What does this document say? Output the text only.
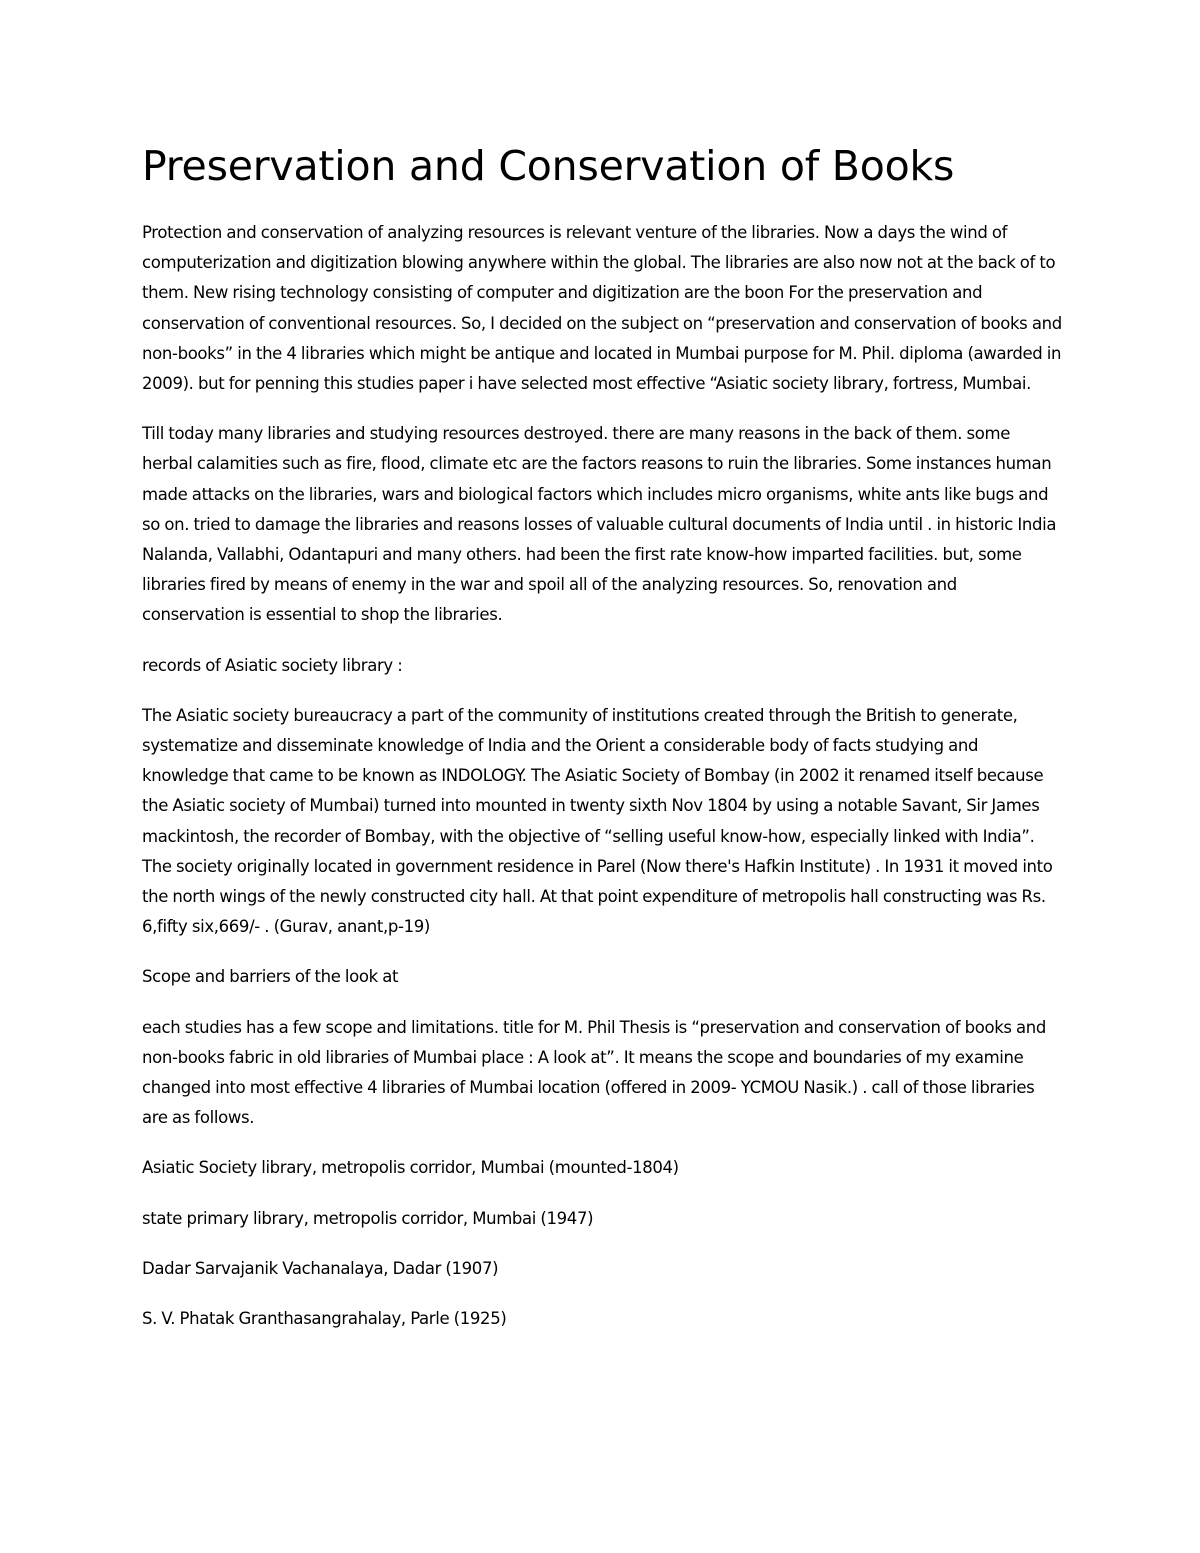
Preservation and Conservation of Books

Protection and conservation of analyzing resources is relevant venture of the libraries. Now a days the wind of computerization and digitization blowing anywhere within the global. The libraries are also now not at the back of to them. New rising technology consisting of computer and digitization are the boon For the preservation and conservation of conventional resources. So, I decided on the subject on “preservation and conservation of books and non-books” in the 4 libraries which might be antique and located in Mumbai purpose for M. Phil. diploma (awarded in 2009). but for penning this studies paper i have selected most effective “Asiatic society library, fortress, Mumbai.

Till today many libraries and studying resources destroyed. there are many reasons in the back of them. some herbal calamities such as fire, flood, climate etc are the factors reasons to ruin the libraries. Some instances human made attacks on the libraries, wars and biological factors which includes micro organisms, white ants like bugs and so on. tried to damage the libraries and reasons losses of valuable cultural documents of India until . in historic India Nalanda, Vallabhi, Odantapuri and many others. had been the first rate know-how imparted facilities. but, some libraries fired by means of enemy in the war and spoil all of the analyzing resources. So, renovation and conservation is essential to shop the libraries.

records of Asiatic society library :

The Asiatic society bureaucracy a part of the community of institutions created through the British to generate, systematize and disseminate knowledge of India and the Orient a considerable body of facts studying and knowledge that came to be known as INDOLOGY. The Asiatic Society of Bombay (in 2002 it renamed itself because the Asiatic society of Mumbai) turned into mounted in twenty sixth Nov 1804 by using a notable Savant, Sir James mackintosh, the recorder of Bombay, with the objective of “selling useful know-how, especially linked with India”. The society originally located in government residence in Parel (Now there's Hafkin Institute) . In 1931 it moved into the north wings of the newly constructed city hall. At that point expenditure of metropolis hall constructing was Rs. 6,fifty six,669/- . (Gurav, anant,p-19)

Scope and barriers of the look at

each studies has a few scope and limitations. title for M. Phil Thesis is “preservation and conservation of books and non-books fabric in old libraries of Mumbai place : A look at”. It means the scope and boundaries of my examine changed into most effective 4 libraries of Mumbai location (offered in 2009- YCMOU Nasik.) . call of those libraries are as follows.

Asiatic Society library, metropolis corridor, Mumbai (mounted-1804)

state primary library, metropolis corridor, Mumbai (1947)

Dadar Sarvajanik Vachanalaya, Dadar (1907)

S. V. Phatak Granthasangrahalay, Parle (1925)
